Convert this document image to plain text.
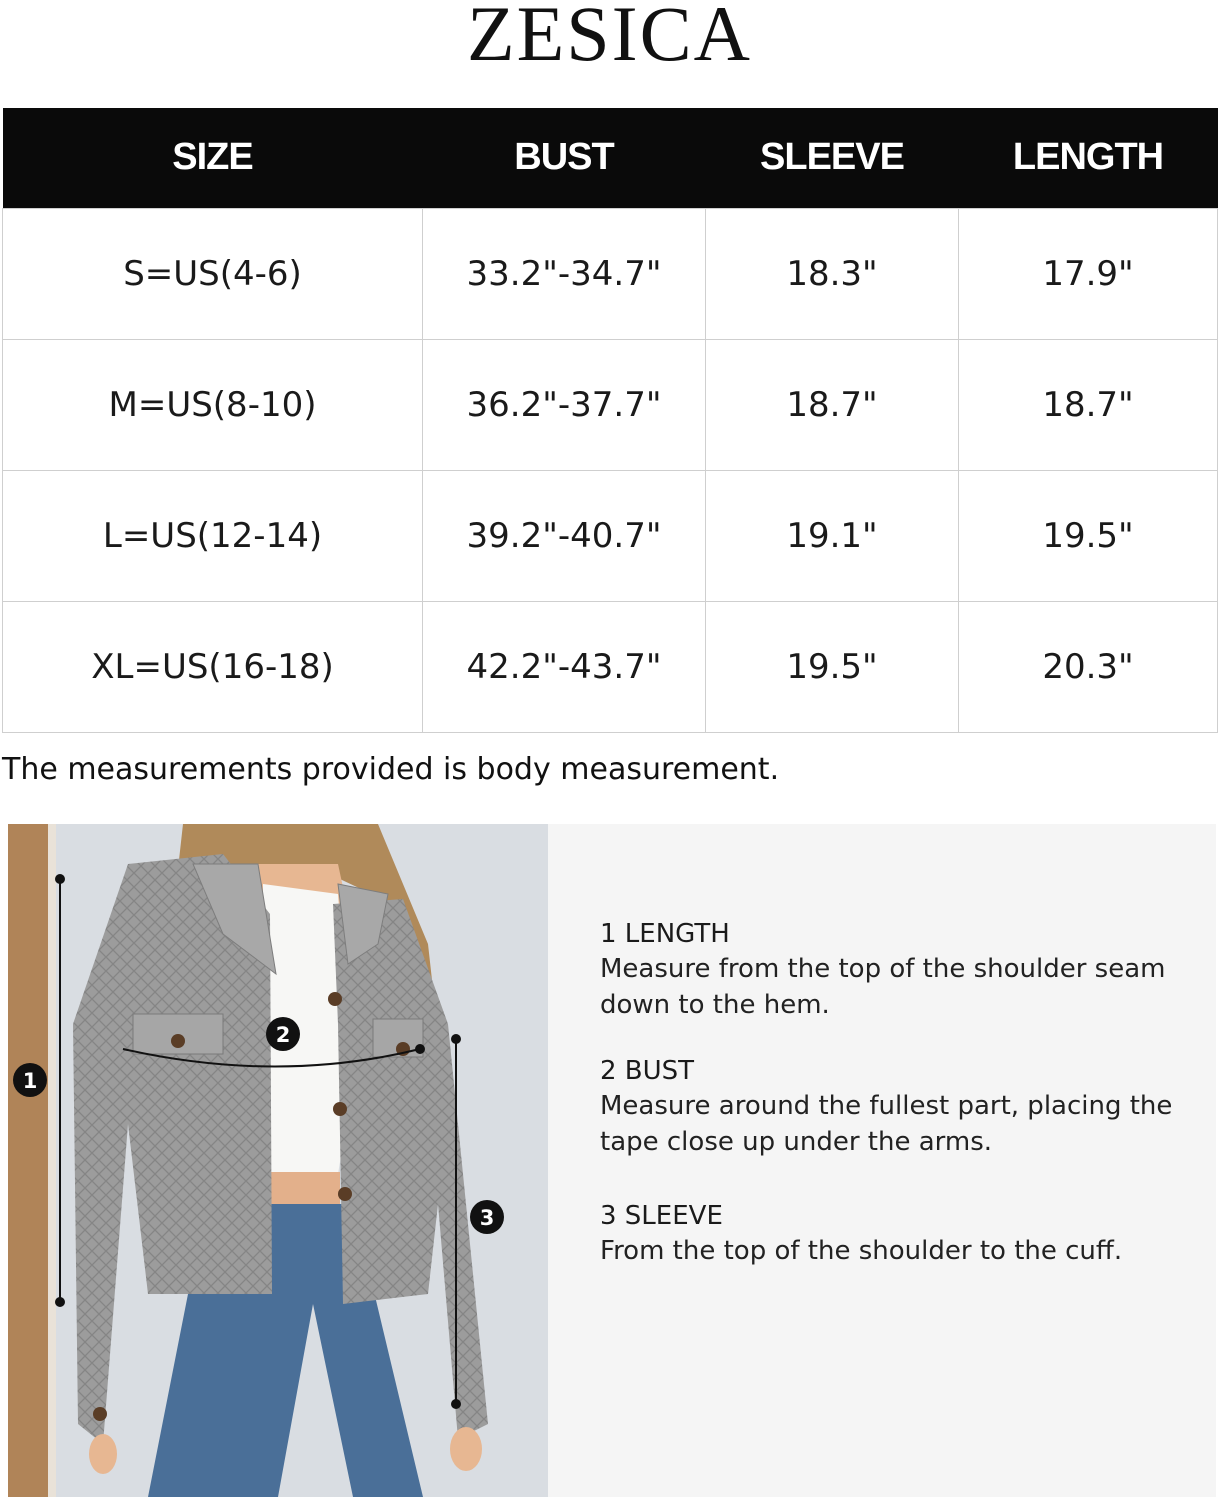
ZESICA
SIZE	BUST	SLEEVE	LENGTH
S=US(4-6)	33.2"-34.7"	18.3"	17.9"
M=US(8-10)	36.2"-37.7"	18.7"	18.7"
L=US(12-14)	39.2"-40.7"	19.1"	19.5"
XL=US(16-18)	42.2"-43.7"	19.5"	20.3"
The measurements provided is body measurement.
1
2
3
1 LENGTH
Measure from the top of the shoulder seam down to the hem.
2 BUST
Measure around the fullest part, placing the tape close up under the arms.
3 SLEEVE
From the top of the shoulder to the cuff.
